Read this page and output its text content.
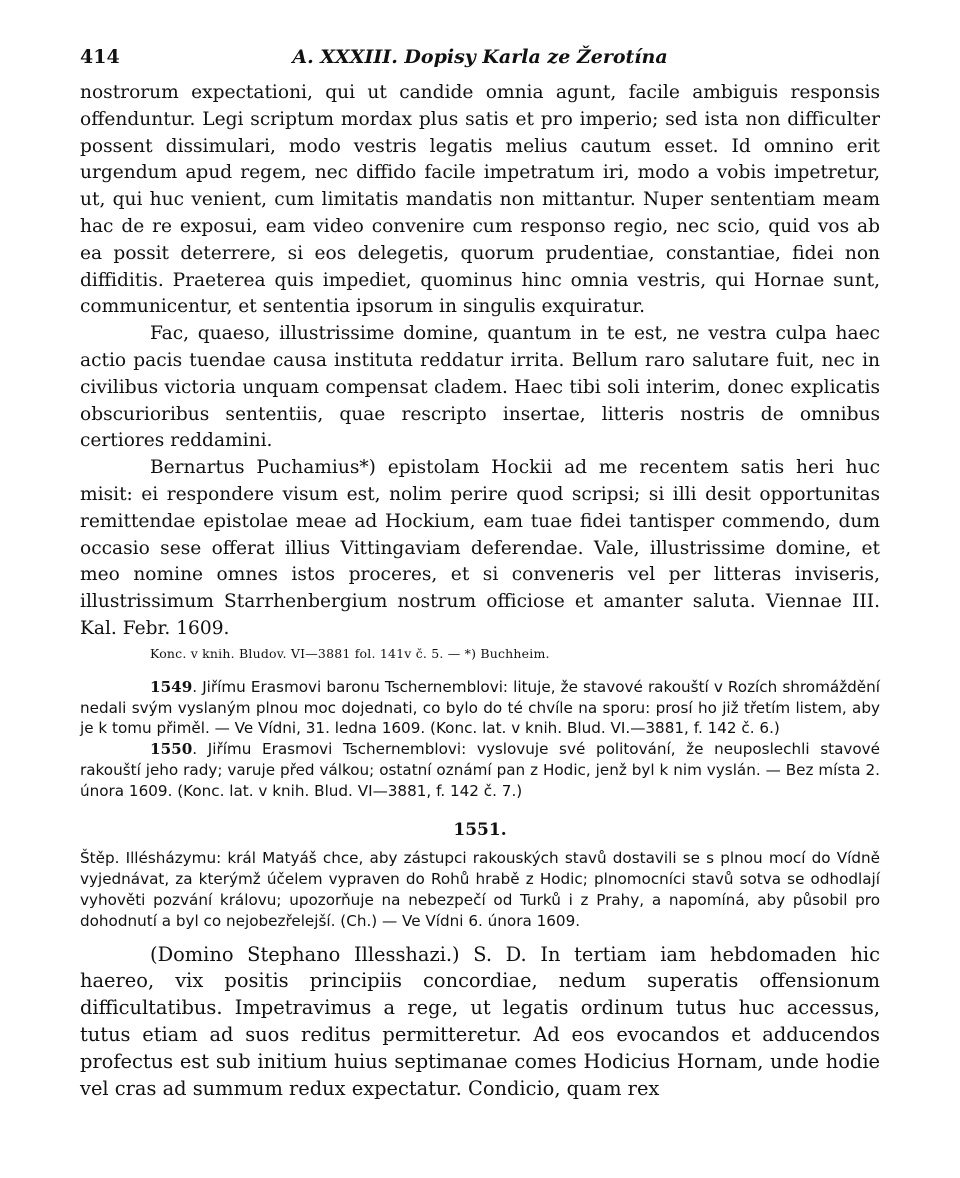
414	A. XXXIII. Dopisy Karla ze Žerotína

nostrorum expectationi, qui ut candide omnia agunt, facile ambiguis responsis offenduntur. Legi scriptum mordax plus satis et pro imperio; sed ista non difficulter possent dissimulari, modo vestris legatis melius cautum esset. Id omnino erit urgendum apud regem, nec diffido facile impetratum iri, modo a vobis impetretur, ut, qui huc venient, cum limitatis mandatis non mittantur. Nuper sententiam meam hac de re exposui, eam video convenire cum responso regio, nec scio, quid vos ab ea possit deterrere, si eos delegetis, quorum prudentiae, constantiae, fidei non diffiditis. Praeterea quis impediet, quominus hinc omnia vestris, qui Hornae sunt, communicentur, et sententia ipsorum in singulis exquiratur.

Fac, quaeso, illustrissime domine, quantum in te est, ne vestra culpa haec actio pacis tuendae causa instituta reddatur irrita. Bellum raro salutare fuit, nec in civilibus victoria unquam compensat cladem. Haec tibi soli interim, donec explicatis obscurioribus sententiis, quae rescripto insertae, litteris nostris de omnibus certiores reddamini.

Bernartus Puchamius*) epistolam Hockii ad me recentem satis heri huc misit: ei respondere visum est, nolim perire quod scripsi; si illi desit opportunitas remittendae epistolae meae ad Hockium, eam tuae fidei tantisper commendo, dum occasio sese offerat illius Vittingaviam deferendae. Vale, illustrissime domine, et meo nomine omnes istos proceres, et si conveneris vel per litteras inviseris, illustrissimum Starrhenbergium nostrum officiose et amanter saluta. Viennae III. Kal. Febr. 1609.

Konc. v knih. Bludov. VI—3881 fol. 141v č. 5. — *) Buchheim.

1549. Jiřímu Erasmovi baronu Tschernemblovi: lituje, že stavové rakouští v Rozích shromáždění nedali svým vyslaným plnou moc dojednati, co bylo do té chvíle na sporu: prosí ho již třetím listem, aby je k tomu přiměl. — Ve Vídni, 31. ledna 1609. (Konc. lat. v knih. Blud. VI.—3881, f. 142 č. 6.)

1550. Jiřímu Erasmovi Tschernemblovi: vyslovuje své politování, že neuposlechli stavové rakouští jeho rady; varuje před válkou; ostatní oznámí pan z Hodic, jenž byl k nim vyslán. — Bez místa 2. února 1609. (Konc. lat. v knih. Blud. VI—3881, f. 142 č. 7.)

1551.

Štěp. Illésházymu: král Matyáš chce, aby zástupci rakouských stavů dostavili se s plnou mocí do Vídně vyjednávat, za kterýmž účelem vypraven do Rohů hrabě z Hodic; plnomocníci stavů sotva se odhodlají vyhověti pozvání královu; upozorňuje na nebezpečí od Turků i z Prahy, a napomíná, aby působil pro dohodnutí a byl co nejobezřelejší. (Ch.) — Ve Vídni 6. února 1609.

(Domino Stephano Illesshazi.) S. D. In tertiam iam hebdomaden hic haereo, vix positis principiis concordiae, nedum superatis offensionum difficultatibus. Impetravimus a rege, ut legatis ordinum tutus huc accessus, tutus etiam ad suos reditus permitteretur. Ad eos evocandos et adducendos profectus est sub initium huius septimanae comes Hodicius Hornam, unde hodie vel cras ad summum redux expectatur. Condicio, quam rex
